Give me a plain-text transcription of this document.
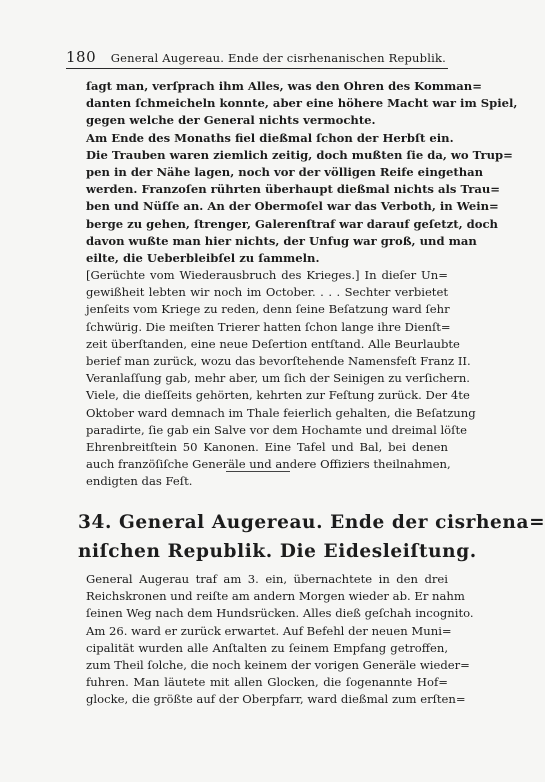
180	General Augereau. Ende der cisrhenanischen Republik.
ſagt man, verſprach ihm Alles, was den Ohren des Komman=
danten ſchmeicheln konnte, aber eine höhere Macht war im Spiel,
gegen welche der General nichts vermochte.
Am Ende des Monaths fiel dießmal ſchon der Herbſt ein.
Die Trauben waren ziemlich zeitig, doch mußten ſie da, wo Trup=
pen in der Nähe lagen, noch vor der völligen Reife eingethan
werden. Franzoſen rührten überhaupt dießmal nichts als Trau=
ben und Nüſſe an. An der Obermoſel war das Verboth, in Wein=
berge zu gehen, ſtrenger, Galerenſtraf war darauf geſetzt, doch
davon wußte man hier nichts, der Unfug war groß, und man
eilte, die Ueberbleibſel zu ſammeln.
[Gerüchte vom Wiederausbruch des Krieges.] In dieſer Un=
gewißheit lebten wir noch im October. . . . Sechter verbietet
jenſeits vom Kriege zu reden, denn ſeine Beſatzung ward ſehr
ſchwürig. Die meiſten Trierer hatten ſchon lange ihre Dienſt=
zeit überſtanden, eine neue Deſertion entſtand. Alle Beurlaubte
berief man zurück, wozu das bevorſtehende Namensfeſt Franz II.
Veranlaſſung gab, mehr aber, um ſich der Seinigen zu verſichern.
Viele, die dieſſeits gehörten, kehrten zur Feſtung zurück. Der 4te
Oktober ward demnach im Thale feierlich gehalten, die Beſatzung
paradirte, ſie gab ein Salve vor dem Hochamte und dreimal löſte
Ehrenbreitſtein 50 Kanonen. Eine Tafel und Bal, bei denen
auch franzöſiſche Generäle und andere Offiziers theilnahmen,
endigten das Feſt.
34. General Augereau. Ende der cisrhena=
niſchen Republik. Die Eidesleiſtung.
General Augerau traf am 3. ein, übernachtete in den drei
Reichskronen und reiſte am andern Morgen wieder ab. Er nahm
ſeinen Weg nach dem Hundsrücken. Alles dieß geſchah incognito.
Am 26. ward er zurück erwartet. Auf Befehl der neuen Muni=
cipalität wurden alle Anſtalten zu ſeinem Empfang getroffen,
zum Theil ſolche, die noch keinem der vorigen Generäle wieder=
fuhren. Man läutete mit allen Glocken, die ſogenannte Hof=
glocke, die größte auf der Oberpfarr, ward dießmal zum erſten=
